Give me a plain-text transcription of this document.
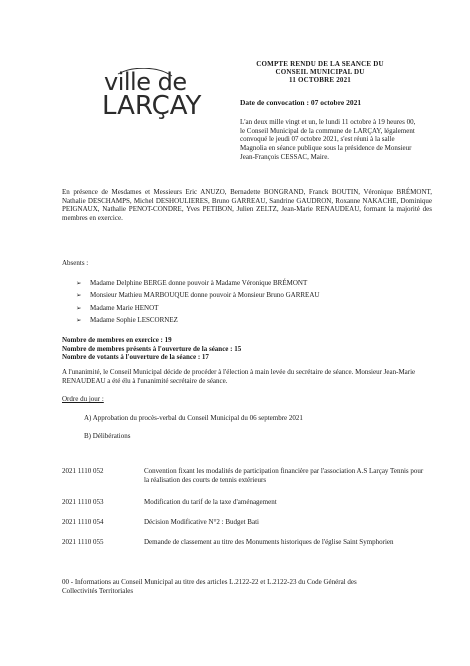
ville de
LARÇAY
COMPTE RENDU DE LA SEANCE DU
CONSEIL MUNICIPAL DU
11 OCTOBRE 2021
Date de convocation : 07 octobre 2021
L'an deux mille vingt et un, le lundi 11 octobre à 19 heures 00, le Conseil Municipal de la commune de LARÇAY, légalement convoqué le jeudi 07 octobre 2021, s'est réuni à la salle Magnolia en séance publique sous la présidence de Monsieur Jean-François CESSAC, Maire.
En présence de Mesdames et Messieurs Eric ANUZO, Bernadette BONGRAND, Franck BOUTIN, Véronique BRÉMONT, Nathalie DESCHAMPS, Michel DESHOULIERES, Bruno GARREAU, Sandrine GAUDRON, Roxanne NAKACHE, Dominique PEIGNAUX, Nathalie PENOT-CONDRE, Yves PETIBON, Julien ZELTZ, Jean-Marie RENAUDEAU, formant la majorité des membres en exercice.
Absents :
➢ Madame Delphine BERGE donne pouvoir à Madame Véronique BRÉMONT
➢ Monsieur Mathieu MARBOUQUE donne pouvoir à Monsieur Bruno GARREAU
➢ Madame Marie HENOT
➢ Madame Sophie LESCORNEZ
Nombre de membres en exercice : 19
Nombre de membres présents à l'ouverture de la séance : 15
Nombre de votants à l'ouverture de la séance : 17
A l'unanimité, le Conseil Municipal décide de procéder à l'élection à main levée du secrétaire de séance. Monsieur Jean-Marie RENAUDEAU a été élu à l'unanimité secrétaire de séance.
Ordre du jour :
A) Approbation du procès-verbal du Conseil Municipal du 06 septembre 2021
B) Délibérations
2021 1110 052	Convention fixant les modalités de participation financière par l'association A.S Larçay Tennis pour la réalisation des courts de tennis extérieurs
2021 1110 053	Modification du tarif de la taxe d'aménagement
2021 1110 054	Décision Modificative N°2 : Budget Bati
2021 1110 055	Demande de classement au titre des Monuments historiques de l'église Saint Symphorien
00 - Informations au Conseil Municipal au titre des articles L.2122-22 et L.2122-23 du Code Général des Collectivités Territoriales
